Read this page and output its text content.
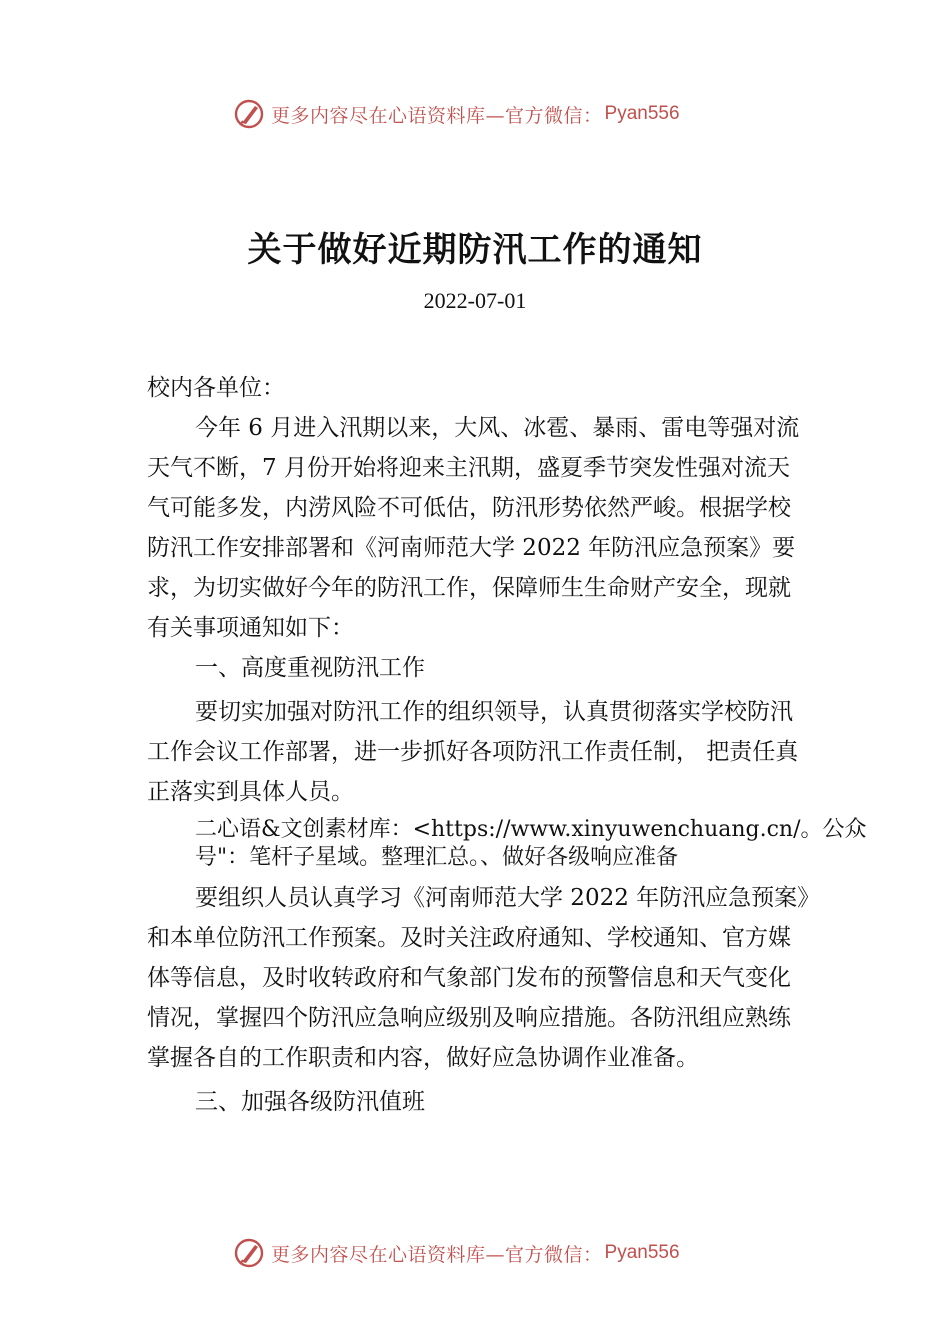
更多内容尽在心语资料库—官方微信： Pyan556
关于做好近期防汛工作的通知
2022-07-01

校内各单位：

今年 6 月进入汛期以来，大风、冰雹、暴雨、雷电等强对流天气不断，7 月份开始将迎来主汛期，盛夏季节突发性强对流天气可能多发，内涝风险不可低估，防汛形势依然严峻。根据学校防汛工作安排部署和《河南师范大学 2022 年防汛应急预案》要求，为切实做好今年的防汛工作，保障师生生命财产安全，现就有关事项通知如下：

一、高度重视防汛工作

要切实加强对防汛工作的组织领导，认真贯彻落实学校防汛工作会议工作部署，进一步抓好各项防汛工作责任制， 把责任真正落实到具体人员。

二心语&文创素材库：<https://www.xinyuwenchuang.cn/。公众号"：笔杆子星域。整理汇总。、做好各级响应准备

要组织人员认真学习《河南师范大学 2022 年防汛应急预案》和本单位防汛工作预案。及时关注政府通知、学校通知、官方媒体等信息，及时收转政府和气象部门发布的预警信息和天气变化情况，掌握四个防汛应急响应级别及响应措施。各防汛组应熟练掌握各自的工作职责和内容，做好应急协调作业准备。

三、加强各级防汛值班

更多内容尽在心语资料库—官方微信： Pyan556
